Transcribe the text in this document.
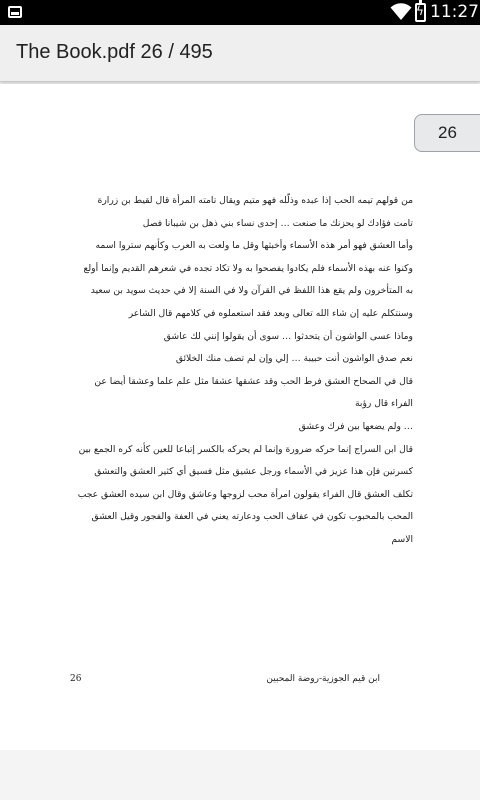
ϟ
11:27
The Book.pdf 26 / 495
26
من قولهم تيمه الحب إذا عبده وذلّله فهو متيم ويقال تامته المرأة قال لقيط بن زرارة
تامت فؤادك لو يحزنك ما صنعت … إحدى نساء بني ذهل بن شيبانا فصل
وأما العشق فهو أمر هذه الأسماء وأخبثها وقل ما ولعت به العرب وكأنهم ستروا اسمه
وكنوا عنه بهذه الأسماء فلم يكادوا يفصحوا به ولا تكاد تجده في شعرهم القديم وإنما أولع
به المتأخرون ولم يقع هذا اللفظ في القرآن ولا في السنة إلا في حديث سويد بن سعيد
وسنتكلم عليه إن شاء الله تعالى وبعد فقد استعملوه في كلامهم قال الشاعر
وماذا عسى الواشون أن يتحدثوا … سوى أن يقولوا إنني لك عاشق
نعم صدق الواشون أنت حبيبة … إلي وإن لم تصف منك الخلائق
قال في الصحاح العشق فرط الحب وقد عشقها عشقا مثل علم علما وعشقا أيضا عن
الفراء قال رؤبة
… ولم يضعها بين فرك وعشق
قال ابن السراج إنما حركه ضرورة وإنما لم يحركه بالكسر إتباعا للعين كأنه كره الجمع بين
كسرتين فإن هذا عزيز في الأسماء ورجل عشيق مثل فسيق أي كثير العشق والتعشق
تكلف العشق قال الفراء يقولون امرأة محب لزوجها وعاشق وقال ابن سيده العشق عجب
المحب بالمحبوب تكون في عفاف الحب ودعارته يعني في العفة والفجور وقيل العشق
الاسم
ابن قيم الجوزية-روضة المحبين
26
